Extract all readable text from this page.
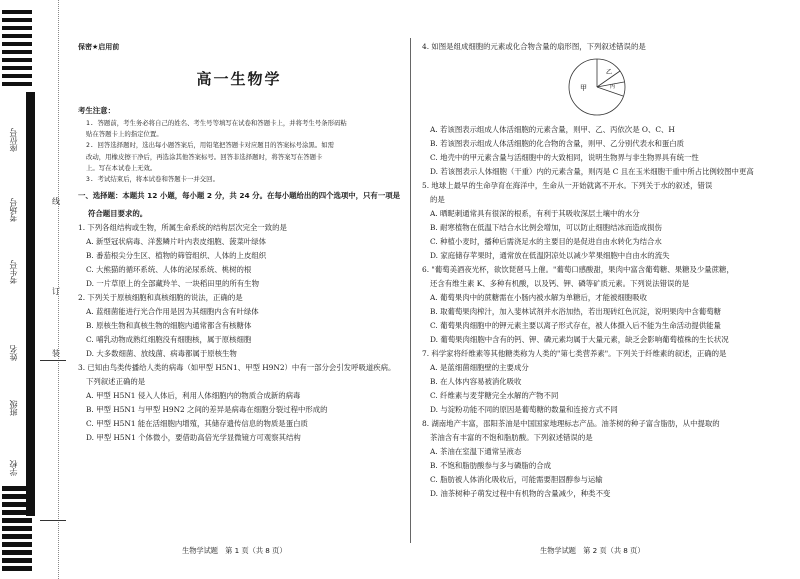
座位号
考场号
考生号
姓名
班级
学校
线
订
装
保密★启用前
高一生物学
考生注意：
1. 答题前，考生务必将自己的姓名、考生号等填写在试卷和答题卡上，并将考生号条形码粘
贴在答题卡上的指定位置。
2. 回答选择题时，选出每小题答案后，用铅笔把答题卡对应题目的答案标号涂黑。如需
改动，用橡皮擦干净后，再选涂其他答案标号。回答非选择题时，将答案写在答题卡
上。写在本试卷上无效。
3. 考试结束后，将本试卷和答题卡一并交回。
一、选择题：本题共 12 小题，每小题 2 分，共 24 分。在每小题给出的四个选项中，只有一项是
符合题目要求的。
1. 下列各组结构或生物，所属生命系统的结构层次完全一致的是
A. 新型冠状病毒、洋葱鳞片叶内表皮细胞、菠菜叶绿体
B. 番茄根尖分生区、植物的筛管组织、人体的上皮组织
C. 大熊猫的循环系统、人体的泌尿系统、桃树的根
D. 一片草原上的全部藏羚羊、一块稻田里的所有生物
2. 下列关于原核细胞和真核细胞的说法，正确的是
A. 蓝细菌能进行光合作用是因为其细胞内含有叶绿体
B. 原核生物和真核生物的细胞内通常都含有核糖体
C. 哺乳动物成熟红细胞没有细胞核，属于原核细胞
D. 大多数细菌、放线菌、病毒都属于原核生物
3. 已知由鸟类传播给人类的病毒（如甲型 H5N1、甲型 H9N2）中有一部分会引发呼吸道疾病。
下列叙述正确的是
A. 甲型 H5N1 侵入人体后，利用人体细胞内的物质合成新的病毒
B. 甲型 H5N1 与甲型 H9N2 之间的差异是病毒在细胞分裂过程中形成的
C. 甲型 H5N1 能在活细胞内增殖，其储存遗传信息的物质是蛋白质
D. 甲型 H5N1 个体微小，要借助高倍光学显微镜方可观察其结构
4. 如图是组成细胞的元素或化合物含量的扇形图，下列叙述错误的是
甲
乙
丙
A. 若该图表示组成人体活细胞的元素含量，则甲、乙、丙依次是 O、C、H
B. 若该图表示组成人体活细胞的化合物的含量，则甲、乙分别代表水和蛋白质
C. 地壳中的甲元素含量与活细胞中的大致相同，说明生物界与非生物界具有统一性
D. 若该图表示人体细胞（干重）内的元素含量，则丙是 C 且在玉米细胞干重中所占比例较图中更高
5. 地球上最早的生命孕育在海洋中，生命从一开始就离不开水。下列关于水的叙述，错误
的是
A. 晒昵刺通常具有很深的根系，有利于其吸收深层土壤中的水分
B. 耐寒植物在低温下结合水比例会增加，可以防止细胞结冰而造成损伤
C. 种植小麦时，播种后需浇足水的主要目的是促进自由水转化为结合水
D. 家庭储存苹果时，通常放在低温阴凉处以减少苹果细胞中自由水的流失
6. "葡萄美酒夜光杯，欲饮琵琶马上催。"葡萄口感酸甜，果肉中富含葡萄糖、果糖及少量蔗糖，
还含有维生素 K、多种有机酸，以及钙、钾、磷等矿质元素。下列说法错误的是
A. 葡萄果肉中的蔗糖需在小肠内被水解为单糖后，才能被细胞吸收
B. 取葡萄果肉榨汁，加入斐林试剂并水浴加热，若出现砖红色沉淀，说明果肉中含葡萄糖
C. 葡萄果肉细胞中的钾元素主要以离子形式存在，被人体摄入后不能为生命活动提供能量
D. 葡萄果肉细胞中含有的钙、钾、磷元素均属于大量元素，缺乏会影响葡萄植株的生长状况
7. 科学家将纤维素等其他糖类称为人类的"第七类营养素"。下列关于纤维素的叙述，正确的是
A. 是蓝细菌细胞壁的主要成分
B. 在人体内容易被消化吸收
C. 纤维素与麦芽糖完全水解的产物不同
D. 与淀粉功能不同的原因是葡萄糖的数量和连接方式不同
8. 湖南地产丰富，邵阳茶油是中国国家地理标志产品。油茶树的种子富含脂肪，从中提取的
茶油含有丰富的不饱和脂肪酸。下列叙述错误的是
A. 茶油在室温下通常呈液态
B. 不饱和脂肪酸参与多与磷脂的合成
C. 脂肪被人体消化吸收后，可能需要胆固醇参与运输
D. 油茶树种子萌发过程中有机物的含量减少，种类不变
生物学试题　第 1 页（共 8 页）	生物学试题　第 2 页（共 8 页）
